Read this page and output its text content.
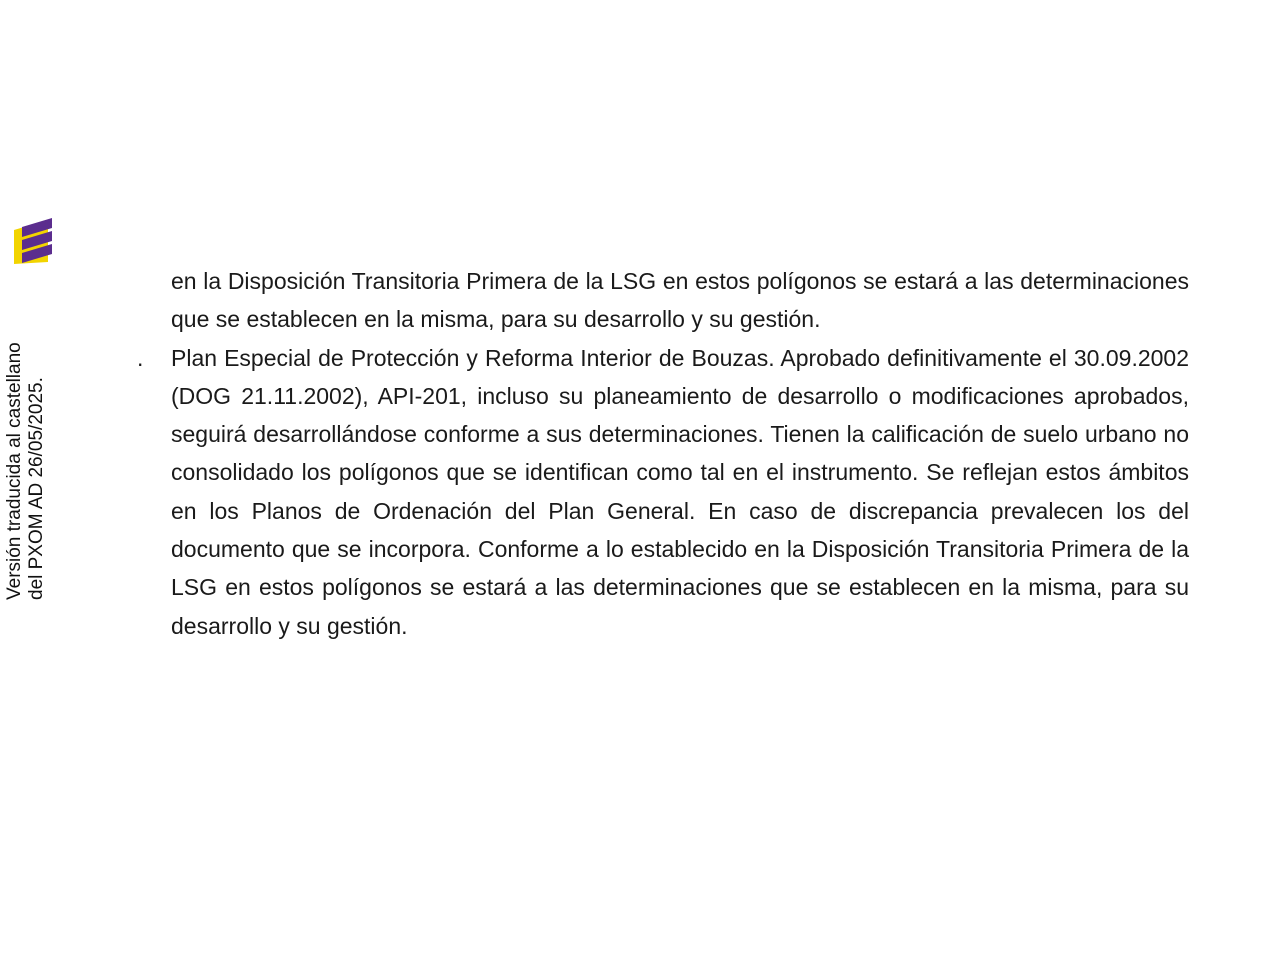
Versión traducida al castellano del PXOM AD 26/05/2025.

en la Disposición Transitoria Primera de la LSG en estos polígonos se estará a las determinaciones que se establecen en la misma, para su desarrollo y su gestión.

. Plan Especial de Protección y Reforma Interior de Bouzas. Aprobado definitivamente el 30.09.2002 (DOG 21.11.2002), API-201, incluso su planeamiento de desarrollo o modificaciones aprobados, seguirá desarrollándose conforme a sus determinaciones. Tienen la calificación de suelo urbano no consolidado los polígonos que se identifican como tal en el instrumento. Se reflejan estos ámbitos en los Planos de Ordenación del Plan General. En caso de discrepancia prevalecen los del documento que se incorpora. Conforme a lo establecido en la Disposición Transitoria Primera de la LSG en estos polígonos se estará a las determinaciones que se establecen en la misma, para su desarrollo y su gestión.
